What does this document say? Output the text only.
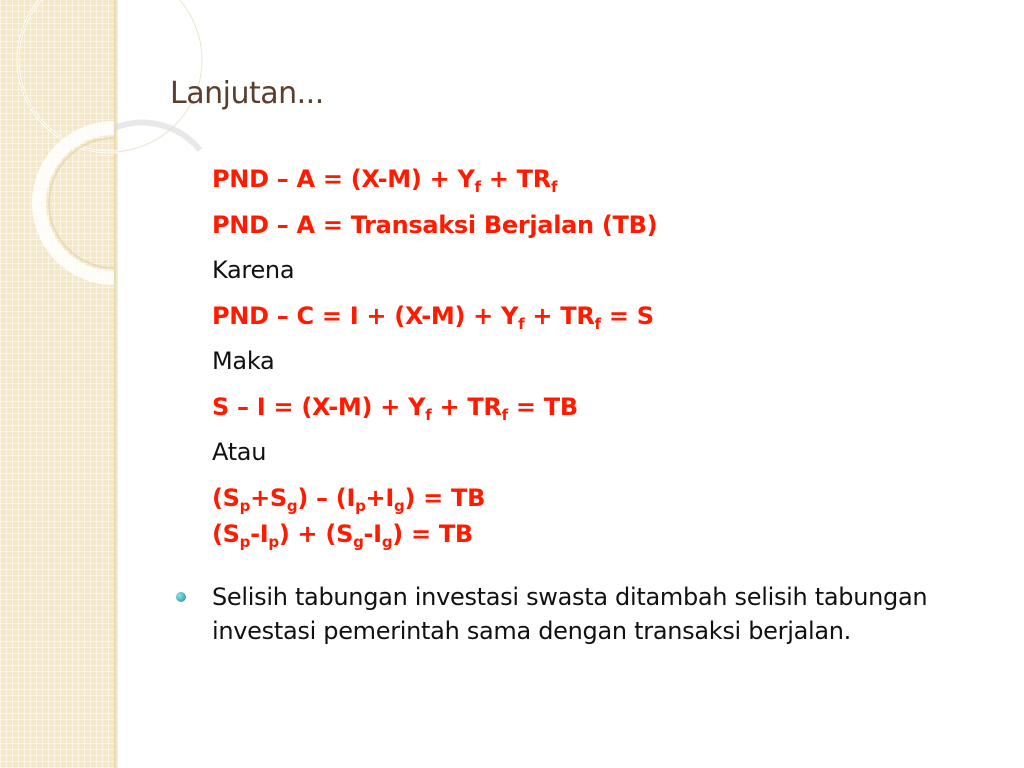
Lanjutan...
PND – $A = (X-M) + Y_f + TR_f$
PND – A = Transaksi Berjalan (TB)
Karena
PND – $C = I + (X-M) + Y_f + TR_f = S$
Maka
$S - I = (X-M) + Y_f + TR_f$ = TB
Atau
$(S_p+S_g) - (I_p+I_g)$ = TB
$(S_p-I_p) + (S_g-I_g)$ = TB
Selisih tabungan investasi swasta ditambah selisih tabungan investasi pemerintah sama dengan transaksi berjalan.
